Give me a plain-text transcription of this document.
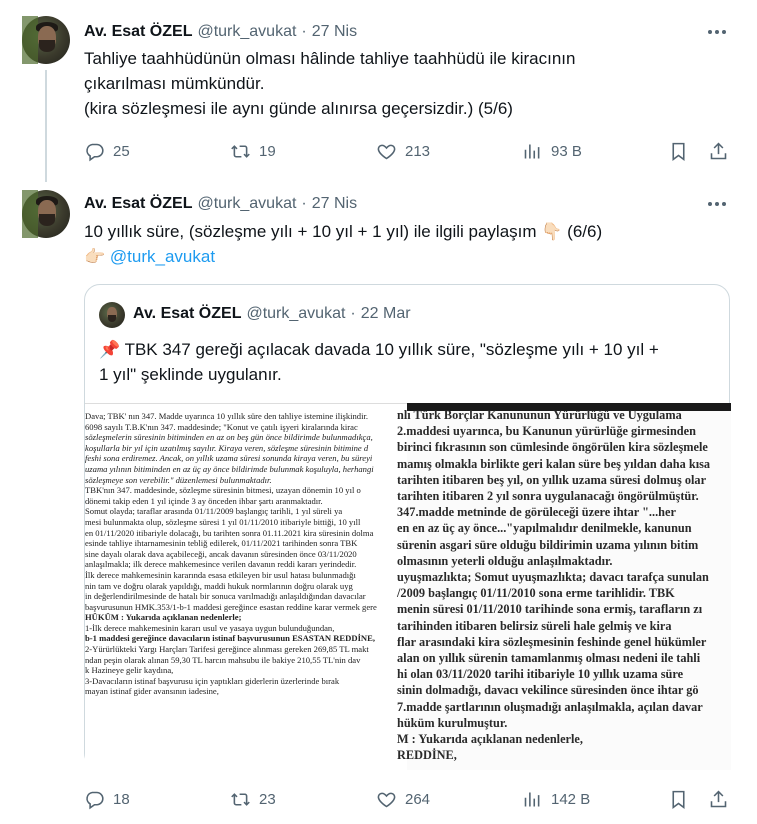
Av. Esat ÖZEL @turk_avukat · 27 Nis

Tahliye taahhüdünün olması hâlinde tahliye taahhüdü ile kiracının

çıkarılması mümkündür.

(kira sözleşmesi ile aynı günde alınırsa geçersizdir.) (5/6)

25	19	213	93 B
Av. Esat ÖZEL @turk_avukat · 27 Nis

10 yıllık süre, (sözleşme yılı + 10 yıl + 1 yıl) ile ilgili paylaşım 👇🏻 (6/6)

👉🏻 @turk_avukat

Av. Esat ÖZEL @turk_avukat · 22 Mar

📌 TBK 347 gereği açılacak davada 10 yıllık süre, "sözleşme yılı + 10 yıl +

1 yıl" şeklinde uygulanır.

Dava; TBK' nın 347. Madde uyarınca 10 yıllık süre den tahliye istemine ilişkindir.
6098 sayılı T.B.K'nın 347. maddesinde; "Konut ve çatılı işyeri kiralarında kirac
sözleşmelerin süresinin bitiminden en az on beş gün önce bildirimde bulunmadıkça,
koşullarla bir yıl için uzatılmış sayılır. Kiraya veren, sözleşme süresinin bitimine d
feshi sona erdiremez. Ancak, on yıllık uzama süresi sonunda kiraya veren, bu süreyi
uzama yılının bitiminden en az üç ay önce bildirimde bulunmak koşuluyla, herhangi
sözleşmeye son verebilir." düzenlemesi bulunmaktadır.
TBK'nın 347. maddesinde, sözleşme süresinin bitmesi, uzayan dönemin 10 yıl o
dönemi takip eden 1 yıl içinde 3 ay önceden ihbar şartı aranmaktadır.
Somut olayda; taraflar arasında 01/11/2009 başlangıç tarihli, 1 yıl süreli ya
mesi bulunmakta olup, sözleşme süresi 1 yıl 01/11/2010 itibariyle bittiği, 10 yıll
en 01/11/2020 itibariyle dolacağı, bu tarihten sonra 01.11.2021 kira süresinin dolma
esinde tahliye ihtarnamesinin tebliğ edilerek, 01/11/2021 tarihinden sonra TBK
sine dayalı olarak dava açabileceği, ancak davanın süresinden önce 03/11/2020
anlaşılmakla; ilk derece mahkemesince verilen davanın reddi kararı yerindedir.
İlk derece mahkemesinin kararında esasa etkileyen bir usul hatası bulunmadığı
nin tam ve doğru olarak yapıldığı, maddi hukuk normlarının doğru olarak uyg
in değerlendirilmesinde de hatalı bir sonuca varılmadığı anlaşıldığından davacılar
başvurusunun HMK.353/1-b-1 maddesi gereğince esastan reddine karar vermek gere
HÜKÜM : Yukarıda açıklanan nedenlerle;
1-İlk derece mahkemesinin kararı usul ve yasaya uygun bulunduğundan,
b-1 maddesi gereğince davacıların istinaf başvurusunun ESASTAN REDDİNE,
2-Yürürlükteki Yargı Harçları Tarifesi gereğince alınması gereken 269,85 TL makt
ndan peşin olarak alınan 59,30 TL harcın mahsubu ile bakiye 210,55 TL'nin dav
k Hazineye gelir kaydına,
3-Davacıların istinaf başvurusu için yaptıkları giderlerin üzerlerinde bırak
mayan istinaf gider avansının iadesine,
nlı Türk Borçlar Kanununun Yürürlüğü ve Uygulama
2.maddesi uyarınca, bu Kanunun yürürlüğe girmesinden
birinci fıkrasının son cümlesinde öngörülen kira sözleşmele
mamış olmakla birlikte geri kalan süre beş yıldan daha kısa
tarihten itibaren beş yıl, on yıllık uzama süresi dolmuş olar
tarihten itibaren 2 yıl sonra uygulanacağı öngörülmüştür.
347.madde metninde de görüleceği üzere ihtar "...her
en en az üç ay önce..."yapılmalıdır denilmekle, kanunun
sürenin asgari süre olduğu bildirimin uzama yılının bitim
olmasının yeterli olduğu anlaşılmaktadır.
uyuşmazlıkta; Somut uyuşmazlıkta; davacı tarafça sunulan
/2009 başlangıç 01/11/2010 sona erme tarihlidir. TBK
menin süresi 01/11/2010 tarihinde sona ermiş, tarafların zı
tarihinden itibaren belirsiz süreli hale gelmiş ve kira
flar arasındaki kira sözleşmesinin feshinde genel hükümler
alan on yıllık sürenin tamamlanmış olması nedeni ile tahli
hi olan 03/11/2020 tarihi itibariyle 10 yıllık uzama süre
sinin dolmadığı, davacı vekilince süresinden önce ihtar gö
7.madde şartlarının oluşmadığı anlaşılmakla, açılan davar
hüküm kurulmuştur.
M : Yukarıda açıklanan nedenlerle,
REDDİNE,
18	23	264	142 B
